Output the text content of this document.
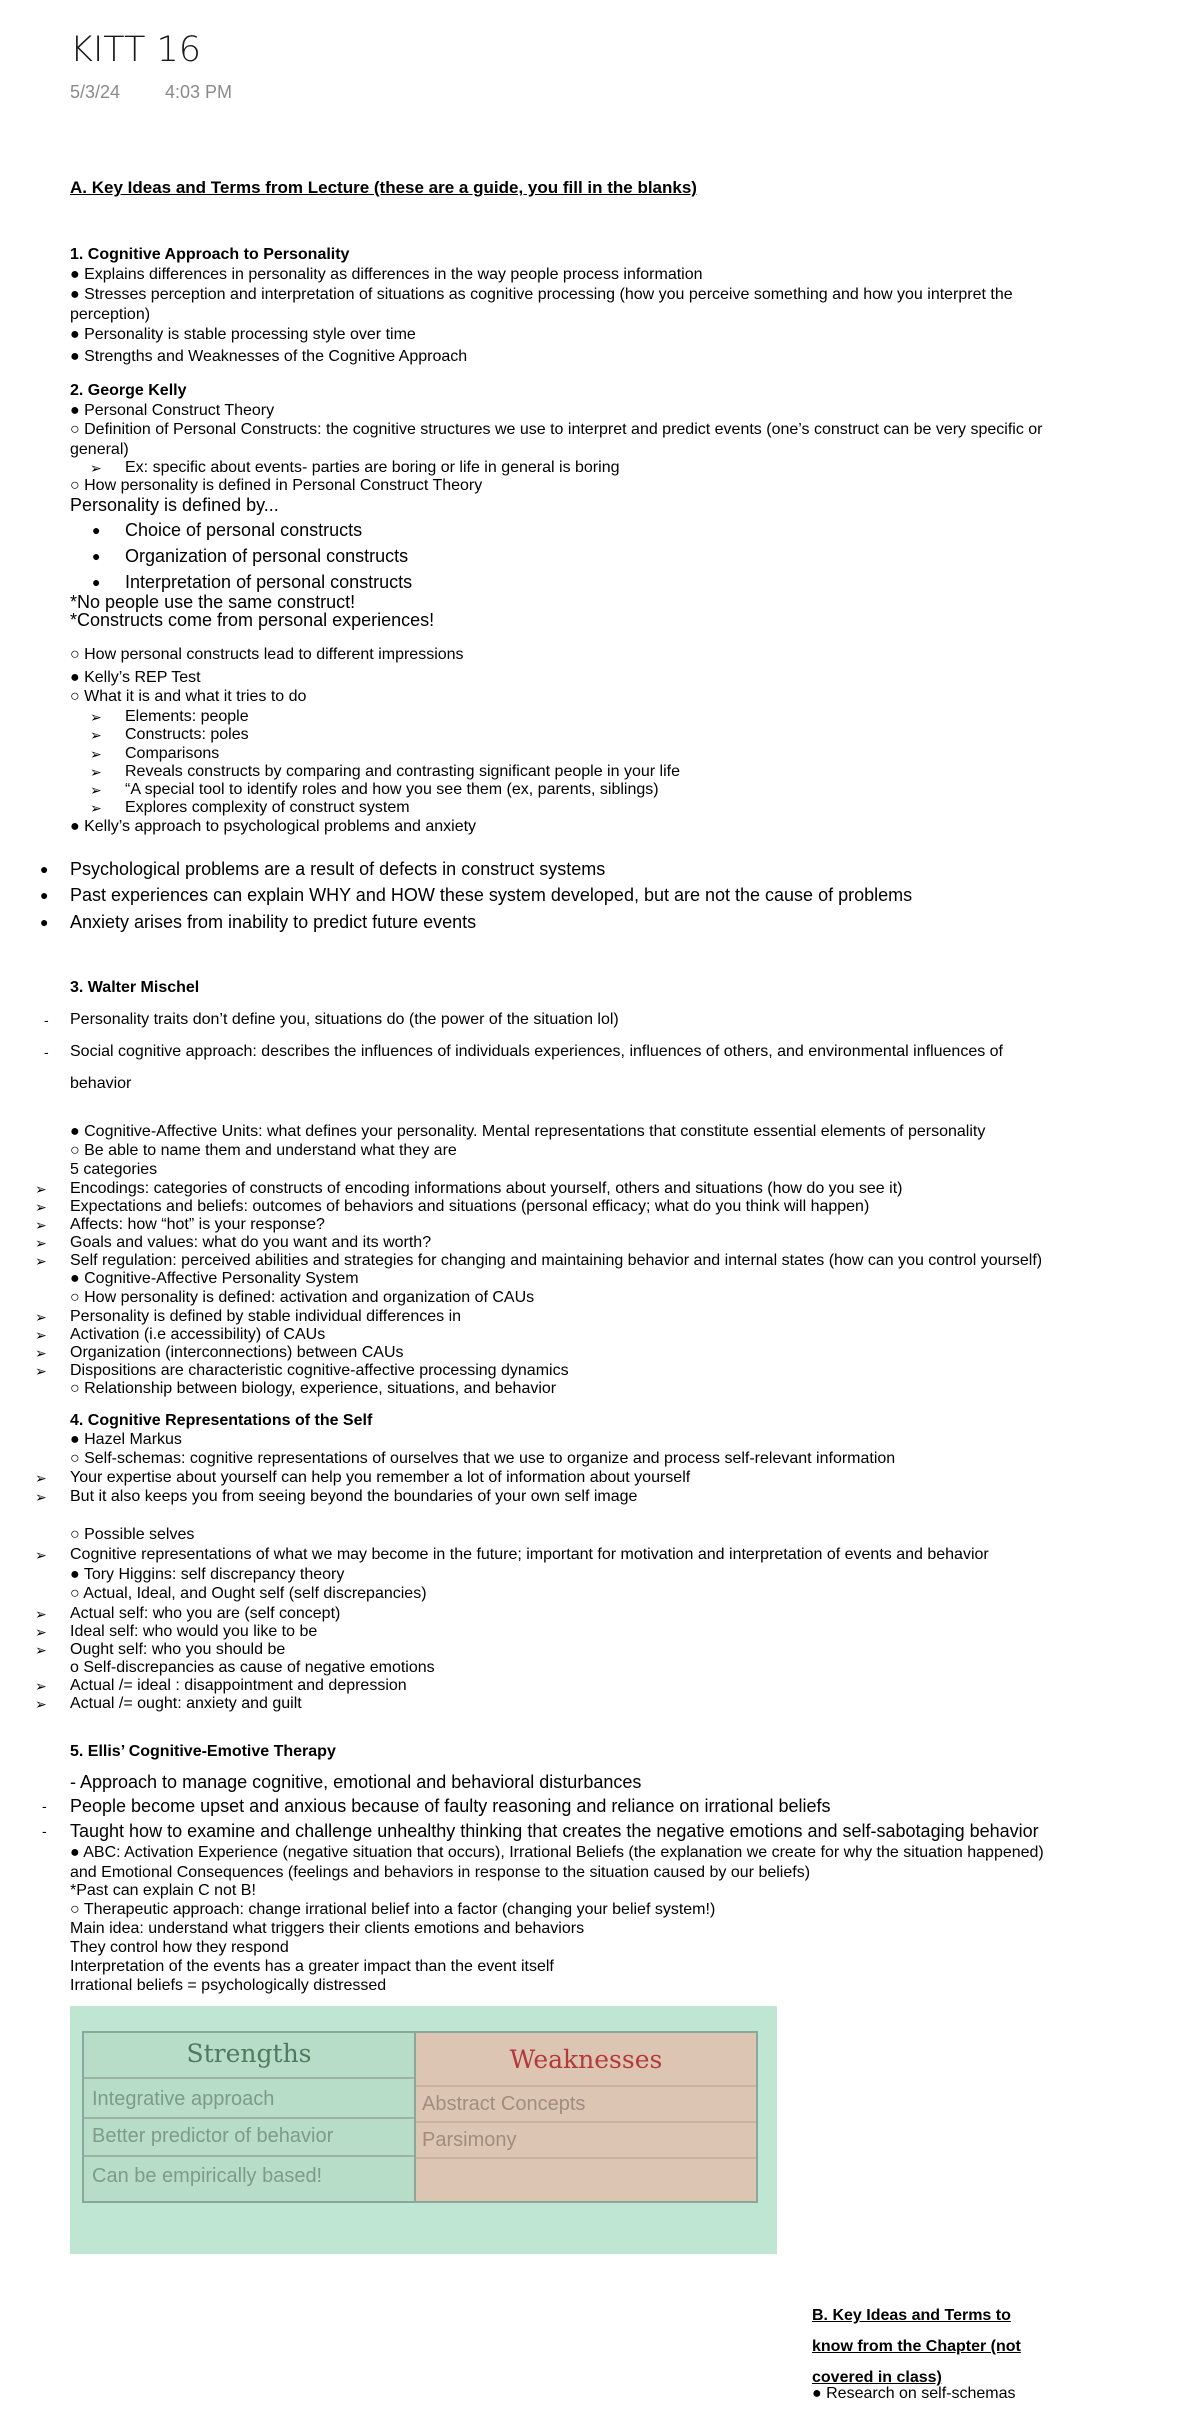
KITT 16
5/3/24 4:03 PM
A. Key Ideas and Terms from Lecture (these are a guide, you fill in the blanks)
1. Cognitive Approach to Personality
● Explains differences in personality as differences in the way people process information
● Stresses perception and interpretation of situations as cognitive processing (how you perceive something and how you interpret the perception)
● Personality is stable processing style over time
● Strengths and Weaknesses of the Cognitive Approach
2. George Kelly
● Personal Construct Theory
○ Definition of Personal Constructs: the cognitive structures we use to interpret and predict events (one’s construct can be very specific or general)
Ex: specific about events- parties are boring or life in general is boring
➢
○ How personality is defined in Personal Construct Theory
Personality is defined by...
Choice of personal constructs
●
Organization of personal constructs
●
Interpretation of personal constructs
●
*No people use the same construct!
*Constructs come from personal experiences!
○ How personal constructs lead to different impressions
● Kelly’s REP Test
○ What it is and what it tries to do
Elements: people
➢
Constructs: poles
➢
Comparisons
➢
Reveals constructs by comparing and contrasting significant people in your life
➢
“A special tool to identify roles and how you see them (ex, parents, siblings)
➢
Explores complexity of construct system
➢
● Kelly’s approach to psychological problems and anxiety
Psychological problems are a result of defects in construct systems
●
Past experiences can explain WHY and HOW these system developed, but are not the cause of problems
●
Anxiety arises from inability to predict future events
●
3. Walter Mischel
Personality traits don’t define you, situations do (the power of the situation lol)
-
Social cognitive approach: describes the influences of individuals experiences, influences of others, and environmental influences of
-
behavior
● Cognitive-Affective Units: what defines your personality. Mental representations that constitute essential elements of personality
○ Be able to name them and understand what they are
5 categories
Encodings: categories of constructs of encoding informations about yourself, others and situations (how do you see it)
➢
Expectations and beliefs: outcomes of behaviors and situations (personal efficacy; what do you think will happen)
➢
Affects: how “hot” is your response?
➢
Goals and values: what do you want and its worth?
➢
Self regulation: perceived abilities and strategies for changing and maintaining behavior and internal states (how can you control yourself)
➢
● Cognitive-Affective Personality System
○ How personality is defined: activation and organization of CAUs
Personality is defined by stable individual differences in
➢
Activation (i.e accessibility) of CAUs
➢
Organization (interconnections) between CAUs
➢
Dispositions are characteristic cognitive-affective processing dynamics
➢
○ Relationship between biology, experience, situations, and behavior
4. Cognitive Representations of the Self
● Hazel Markus
○ Self-schemas: cognitive representations of ourselves that we use to organize and process self-relevant information
Your expertise about yourself can help you remember a lot of information about yourself
➢
But it also keeps you from seeing beyond the boundaries of your own self image
➢
○ Possible selves
Cognitive representations of what we may become in the future; important for motivation and interpretation of events and behavior
➢
● Tory Higgins: self discrepancy theory
○ Actual, Ideal, and Ought self (self discrepancies)
Actual self: who you are (self concept)
➢
Ideal self: who would you like to be
➢
Ought self: who you should be
➢
o Self-discrepancies as cause of negative emotions
Actual /= ideal : disappointment and depression
➢
Actual /= ought: anxiety and guilt
➢
5. Ellis’ Cognitive-Emotive Therapy
- Approach to manage cognitive, emotional and behavioral disturbances
People become upset and anxious because of faulty reasoning and reliance on irrational beliefs
-
Taught how to examine and challenge unhealthy thinking that creates the negative emotions and self-sabotaging behavior
-
● ABC: Activation Experience (negative situation that occurs), Irrational Beliefs (the explanation we create for why the situation happened) and Emotional Consequences (feelings and behaviors in response to the situation caused by our beliefs)
*Past can explain C not B!
○ Therapeutic approach: change irrational belief into a factor (changing your belief system!)
Main idea: understand what triggers their clients emotions and behaviors
They control how they respond
Interpretation of the events has a greater impact than the event itself
Irrational beliefs = psychologically distressed
Strengths
Integrative approach
Better predictor of behavior
Can be empirically based!
Weaknesses
Abstract Concepts
Parsimony
B. Key Ideas and Terms to know from the Chapter (not covered in class)
● Research on self-schemas
